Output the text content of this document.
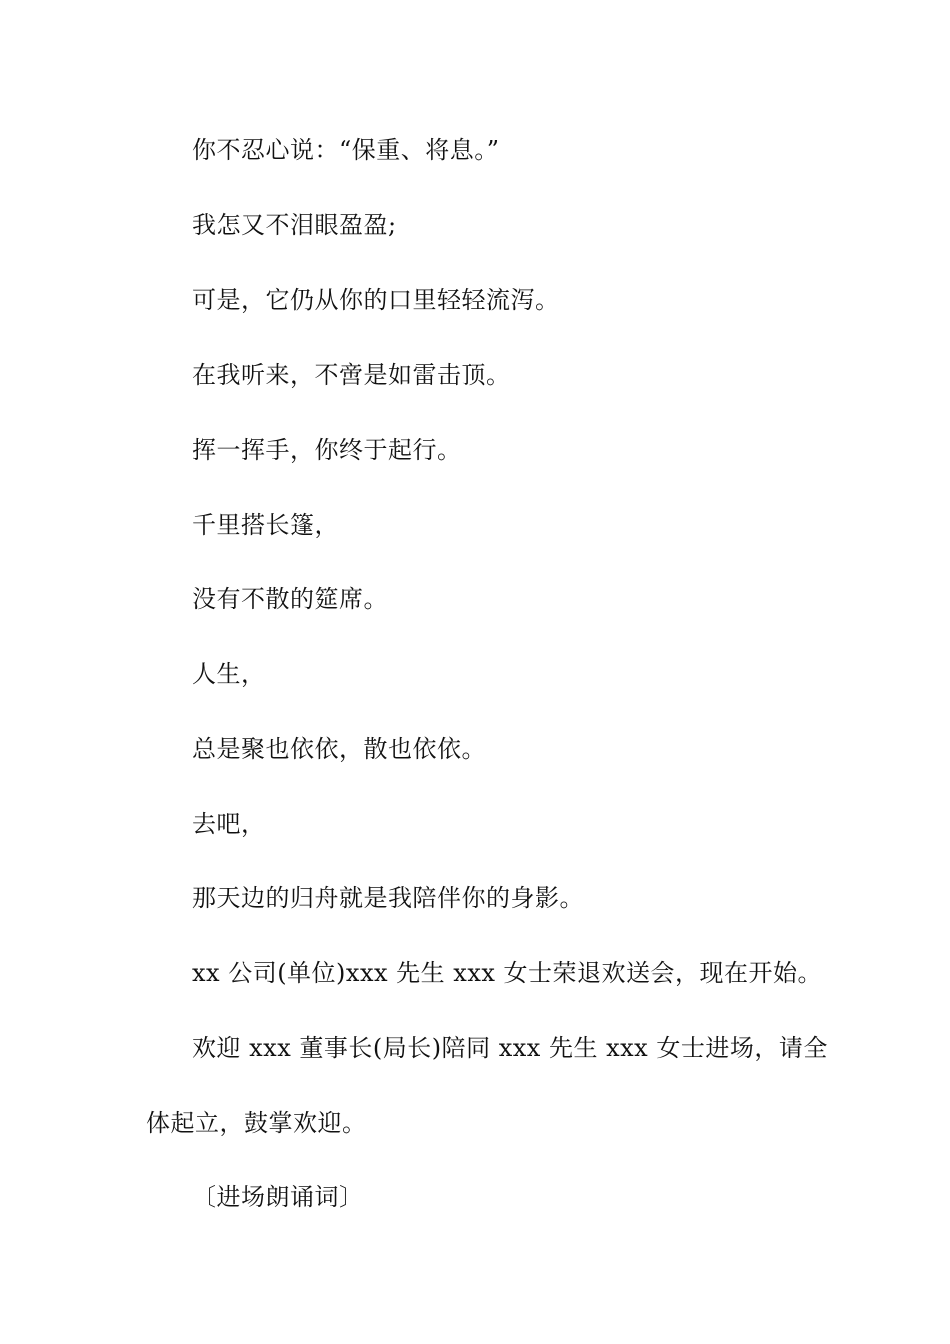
你不忍心说：“保重、将息。”
我怎又不泪眼盈盈;
可是，它仍从你的口里轻轻流泻。
在我听来，不啻是如雷击顶。
挥一挥手，你终于起行。
千里搭长篷，
没有不散的筵席。
人生，
总是聚也依依，散也依依。
去吧，
那天边的归舟就是我陪伴你的身影。
xx 公司(单位)xxx 先生 xxx 女士荣退欢送会，现在开始。
欢迎 xxx 董事长(局长)陪同 xxx 先生 xxx 女士进场，请全
体起立，鼓掌欢迎。
〔进场朗诵词〕
